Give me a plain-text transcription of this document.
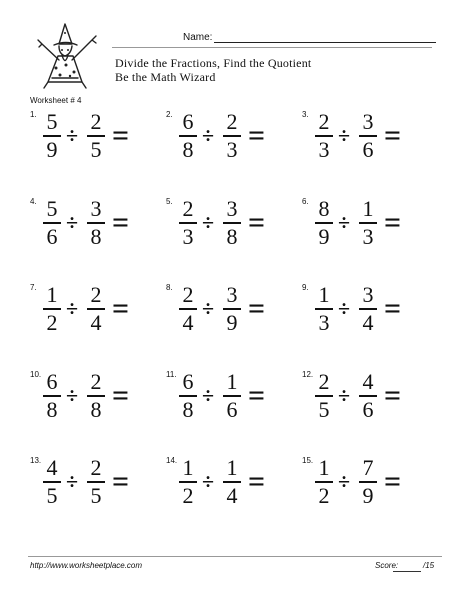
Name:
Divide the Fractions, Find the Quotient
Be the Math Wizard
Worksheet # 4
1. 5
9
÷
2
5 =
2. 6
8
÷
2
3 =
3. 2
3
÷
3
6 =
4. 5
6
÷
3
8 =
5. 2
3
÷
3
8 =
6. 8
9
÷
1
3 =
7. 1
2
÷
2
4 =
8. 2
4
÷
3
9 =
9. 1
3
÷
3
4 =
10. 6
8
÷
2
8 =
11. 6
8
÷
1
6 =
12. 2
5
÷
4
6 =
13. 4
5
÷
2
5 =
14. 1
2
÷
1
4 =
15. 1
2
÷
7
9 =
http://www.worksheetplace.com	Score:	/15
